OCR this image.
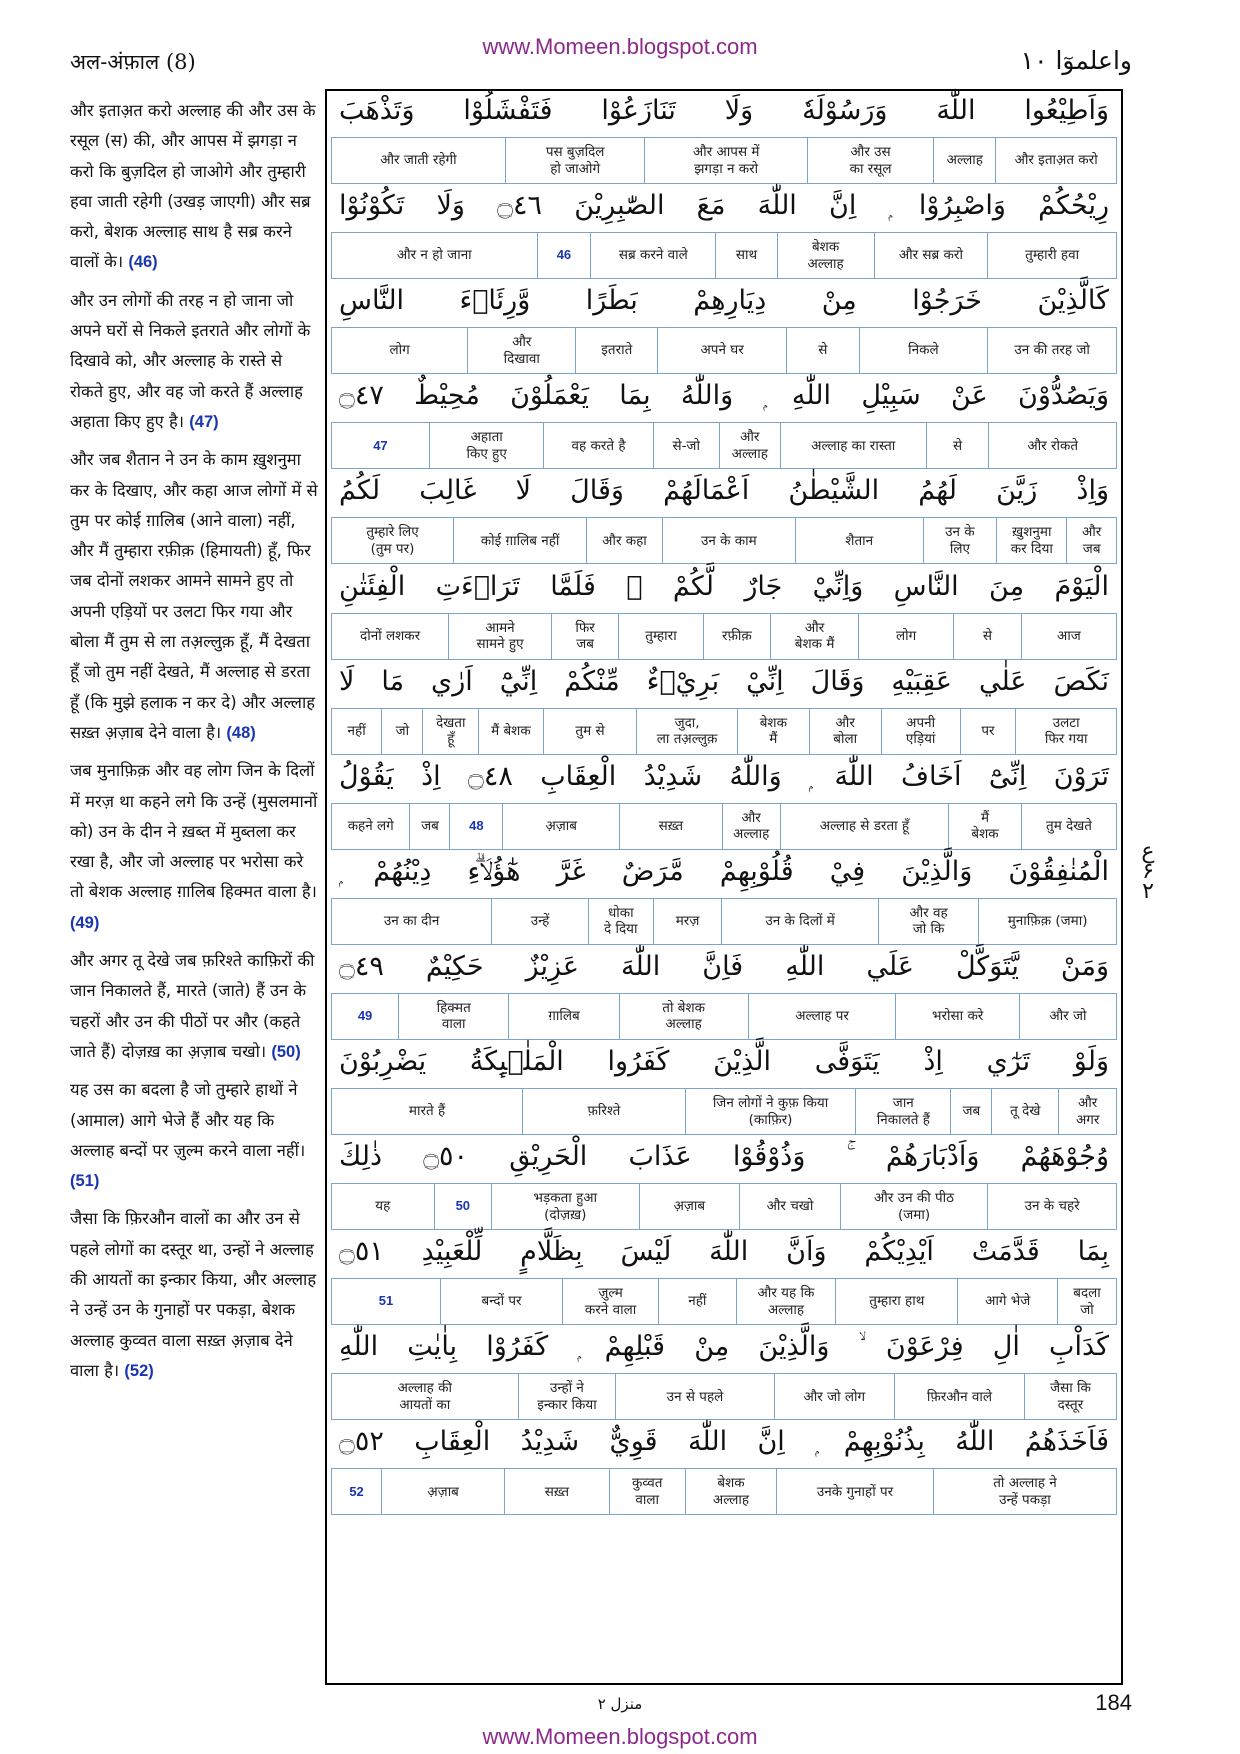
अल-अंफ़ाल (8)
www.Momeen.blogspot.com	واعلموٓا ۱۰

और इताअ़त करो अल्लाह की और उस के रसूल (स) की, और आपस में झगड़ा न करो कि बुज़दिल हो जाओगे और तुम्हारी हवा जाती रहेगी (उखड़ जाएगी) और सब्र करो, बेशक अल्लाह साथ है सब्र करने वालों के। (46)

और उन लोगों की तरह न हो जाना जो अपने घरों से निकले इतराते और लोगों के दिखावे को, और अल्लाह के रास्ते से रोकते हुए, और वह जो करते हैं अल्लाह अहाता किए हुए है। (47)

और जब शैतान ने उन के काम ख़ुशनुमा कर के दिखाए, और कहा आज लोगों में से तुम पर कोई ग़ालिब (आने वाला) नहीं, और मैं तुम्हारा रफ़ीक़ (हिमायती) हूँ, फिर जब दोनों लशकर आमने सामने हुए तो अपनी एड़ियों पर उलटा फिर गया और बोला मैं तुम से ला तअ़ल्लुक़ हूँ, मैं देखता हूँ जो तुम नहीं देखते, मैं अल्लाह से डरता हूँ (कि मुझे हलाक न कर दे) और अल्लाह सख़्त अ़ज़ाब देने वाला है। (48)

जब मुनाफ़िक़ और वह लोग जिन के दिलों में मरज़ था कहने लगे कि उन्हें (मुसलमानों को) उन के दीन ने ख़ब्त में मुब्तला कर रखा है, और जो अल्लाह पर भरोसा करे तो बेशक अल्लाह ग़ालिब हिक्मत वाला है। (49)

और अगर तू देखे जब फ़रिश्ते काफ़िरों की जान निकालते हैं, मारते (जाते) हैं उन के चहरों और उन की पीठों पर और (कहते जाते हैं) दोज़ख़ का अ़ज़ाब चखो। (50)

यह उस का बदला है जो तुम्हारे हाथों ने (आमाल) आगे भेजे हैं और यह कि अल्लाह बन्दों पर ज़ुल्म करने वाला नहीं। (51)

जैसा कि फ़िरऔन वालों का और उन से पहले लोगों का दस्तूर था, उन्हों ने अल्लाह की आयतों का इन्कार किया, और अल्लाह ने उन्हें उन के गुनाहों पर पकड़ा, बेशक अल्लाह कुव्वत वाला सख़्त अ़ज़ाब देने वाला है। (52)

وَاَطِيْعُوا اللّٰهَ وَرَسُوْلَهٗ وَلَا تَنَازَعُوْا فَتَفْشَلُوْا وَتَذْهَبَ
और इताअ़त करो
अल्लाह
और उस
का रसूल
और आपस में
झगड़ा न करो
पस बुज़दिल
हो जाओगे
और जाती रहेगी
رِيْحُكُمْ وَاصْبِرُوْا ۭ اِنَّ اللّٰهَ مَعَ الصّٰبِرِيْنَ ۝٤٦ وَلَا تَكُوْنُوْا
तुम्हारी हवा
और सब्र करो
बेशक
अल्लाह
साथ
सब्र करने वाले
46
और न हो जाना
كَالَّذِيْنَ خَرَجُوْا مِنْ دِيَارِهِمْ بَطَرًا وَّرِئَاۗءَ النَّاسِ
उन की तरह जो
निकले
से
अपने घर
इतराते
और
दिखावा
लोग
وَيَصُدُّوْنَ عَنْ سَبِيْلِ اللّٰهِ ۭ وَاللّٰهُ بِمَا يَعْمَلُوْنَ مُحِيْطٌ ۝٤٧
और रोकते
से
अल्लाह का रास्ता
और
अल्लाह
से-जो
वह करते है
अहाता
किए हुए
47
وَاِذْ زَيَّنَ لَهُمُ الشَّيْطٰنُ اَعْمَالَهُمْ وَقَالَ لَا غَالِبَ لَكُمُ
और
जब
ख़ुशनुमा
कर दिया
उन के
लिए
शैतान
उन के काम
और कहा
कोई ग़ालिब नहीं
तुम्हारे लिए
(तुम पर)
الْيَوْمَ مِنَ النَّاسِ وَاِنِّيْ جَارٌ لَّكُمْ ۚ فَلَمَّا تَرَاۗءَتِ الْفِئَتٰنِ
आज
से
लोग
और
बेशक मैं
रफ़ीक़
तुम्हारा
फिर
जब
आमने
सामने हुए
दोनों लशकर
نَكَصَ عَلٰي عَقِبَيْهِ وَقَالَ اِنِّيْ بَرِيْۗءٌ مِّنْكُمْ اِنِّيْٓ اَرٰي مَا لَا
उलटा
फिर गया
पर
अपनी
एड़ियां
और
बोला
बेशक
मैं
जुदा,
ला तअ़ल्लुक़
तुम से
मैं बेशक
देखता
हूँ
जो
नहीं
تَرَوْنَ اِنِّىْٓ اَخَافُ اللّٰهَ ۭ وَاللّٰهُ شَدِيْدُ الْعِقَابِ ۝٤٨ اِذْ يَقُوْلُ
तुम देखते
मैं
बेशक
अल्लाह से डरता हूँ
और
अल्लाह
सख़्त
अ़ज़ाब
48
जब
कहने लगे
الْمُنٰفِقُوْنَ وَالَّذِيْنَ فِيْ قُلُوْبِهِمْ مَّرَضٌ غَرَّ هٰٓؤُلَاۗءِ دِيْنُهُمْ ۭ
मुनाफ़िक़ (जमा)
और वह
जो कि
उन के दिलों में
मरज़
धोका
दे दिया
उन्हें
उन का दीन
وَمَنْ يَّتَوَكَّلْ عَلَي اللّٰهِ فَاِنَّ اللّٰهَ عَزِيْزٌ حَكِيْمٌ ۝٤٩
और जो
भरोसा करे
अल्लाह पर
तो बेशक
अल्लाह
ग़ालिब
हिक्मत
वाला
49
وَلَوْ تَرٰٓي اِذْ يَتَوَفَّى الَّذِيْنَ كَفَرُوا الْمَلٰۗىِٕكَةُ يَضْرِبُوْنَ
और
अगर
तू देखे
जब
जान
निकालते हैं
जिन लोगों ने कुफ़ किया
(काफ़िर)
फ़रिश्ते
मारते हैं
وُجُوْهَهُمْ وَاَدْبَارَهُمْ ۚ وَذُوْقُوْا عَذَابَ الْحَرِيْقِ ۝٥٠ ذٰلِكَ
उन के चहरे
और उन की पीठ
(जमा)
और चखो
अ़ज़ाब
भड़कता हुआ
(दोज़ख़)
50
यह
بِمَا قَدَّمَتْ اَيْدِيْكُمْ وَاَنَّ اللّٰهَ لَيْسَ بِظَلَّامٍ لِّلْعَبِيْدِ ۝٥١
बदला
जो
आगे भेजे
तुम्हारा हाथ
और यह कि
अल्लाह
नहीं
ज़ुल्म
करने वाला
बन्दों पर
51
كَدَاْبِ اٰلِ فِرْعَوْنَ ۙ وَالَّذِيْنَ مِنْ قَبْلِهِمْ ۭ كَفَرُوْا بِاٰيٰتِ اللّٰهِ
जैसा कि
दस्तूर
फ़िरऔन वाले
और जो लोग
उन से पहले
उन्हों ने
इन्कार किया
अल्लाह की
आयतों का
فَاَخَذَهُمُ اللّٰهُ بِذُنُوْبِهِمْ ۭ اِنَّ اللّٰهَ قَوِيٌّ شَدِيْدُ الْعِقَابِ ۝٥٢
तो अल्लाह ने
उन्हें पकड़ा
उनके गुनाहों पर
बेशक
अल्लाह
कुव्वत
वाला
सख़्त
अ़ज़ाब
52
ع ۶ ۲
منزل ۲	184
www.Momeen.blogspot.com
